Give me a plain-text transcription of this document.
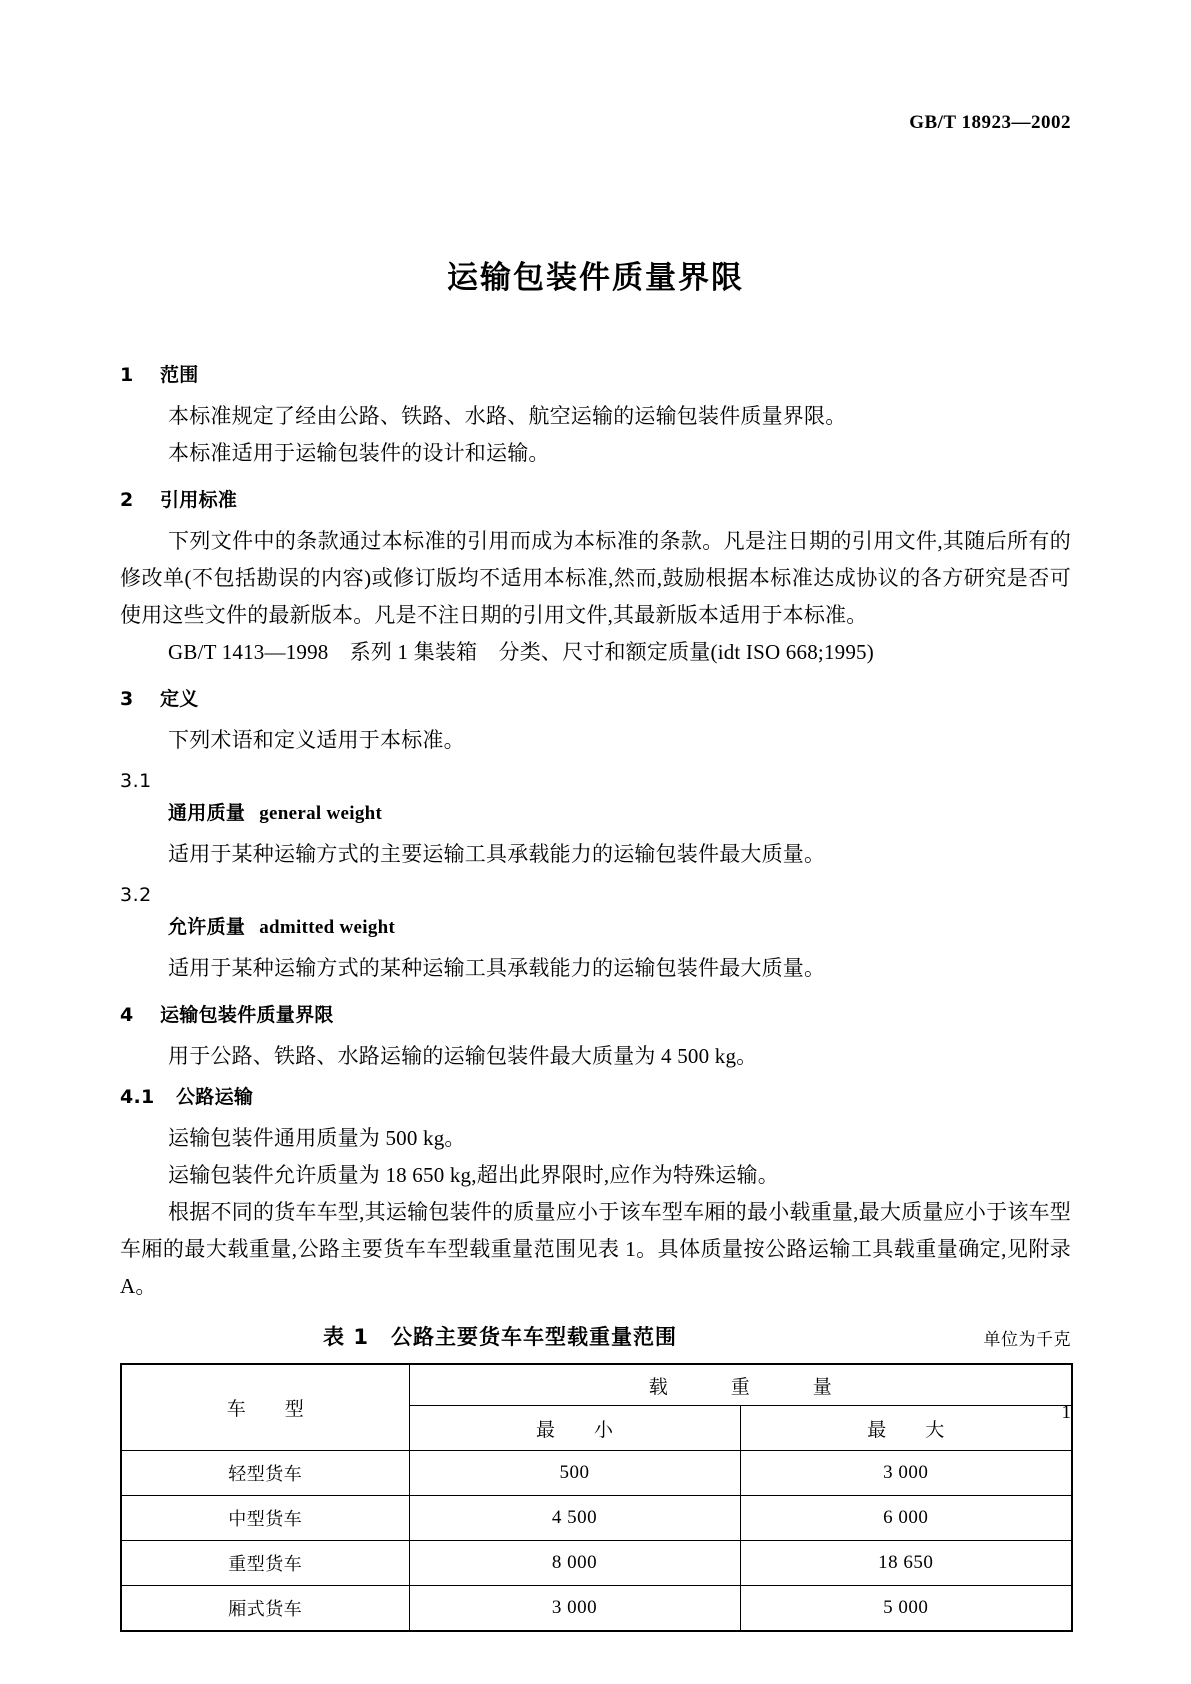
GB/T 18923—2002
运输包装件质量界限
1 范围

本标准规定了经由公路、铁路、水路、航空运输的运输包装件质量界限。

本标准适用于运输包装件的设计和运输。

2 引用标准

下列文件中的条款通过本标准的引用而成为本标准的条款。凡是注日期的引用文件,其随后所有的修改单(不包括勘误的内容)或修订版均不适用本标准,然而,鼓励根据本标准达成协议的各方研究是否可使用这些文件的最新版本。凡是不注日期的引用文件,其最新版本适用于本标准。

GB/T 1413—1998　系列 1 集装箱　分类、尺寸和额定质量(idt ISO 668;1995)

3 定义

下列术语和定义适用于本标准。

3.1
通用质量 general weight

适用于某种运输方式的主要运输工具承载能力的运输包装件最大质量。

3.2
允许质量 admitted weight

适用于某种运输方式的某种运输工具承载能力的运输包装件最大质量。

4 运输包装件质量界限

用于公路、铁路、水路运输的运输包装件最大质量为 4 500 kg。

4.1 公路运输

运输包装件通用质量为 500 kg。

运输包装件允许质量为 18 650 kg,超出此界限时,应作为特殊运输。

根据不同的货车车型,其运输包装件的质量应小于该车型车厢的最小载重量,最大质量应小于该车型车厢的最大载重量,公路主要货车车型载重量范围见表 1。具体质量按公路运输工具载重量确定,见附录 A。

表 1　公路主要货车车型载重量范围	单位为千克
车　型	载　重　量	
	最　小	最　大
轻型货车	500	3 000
中型货车	4 500	6 000
重型货车	8 000	18 650
厢式货车	3 000	5 000
1
